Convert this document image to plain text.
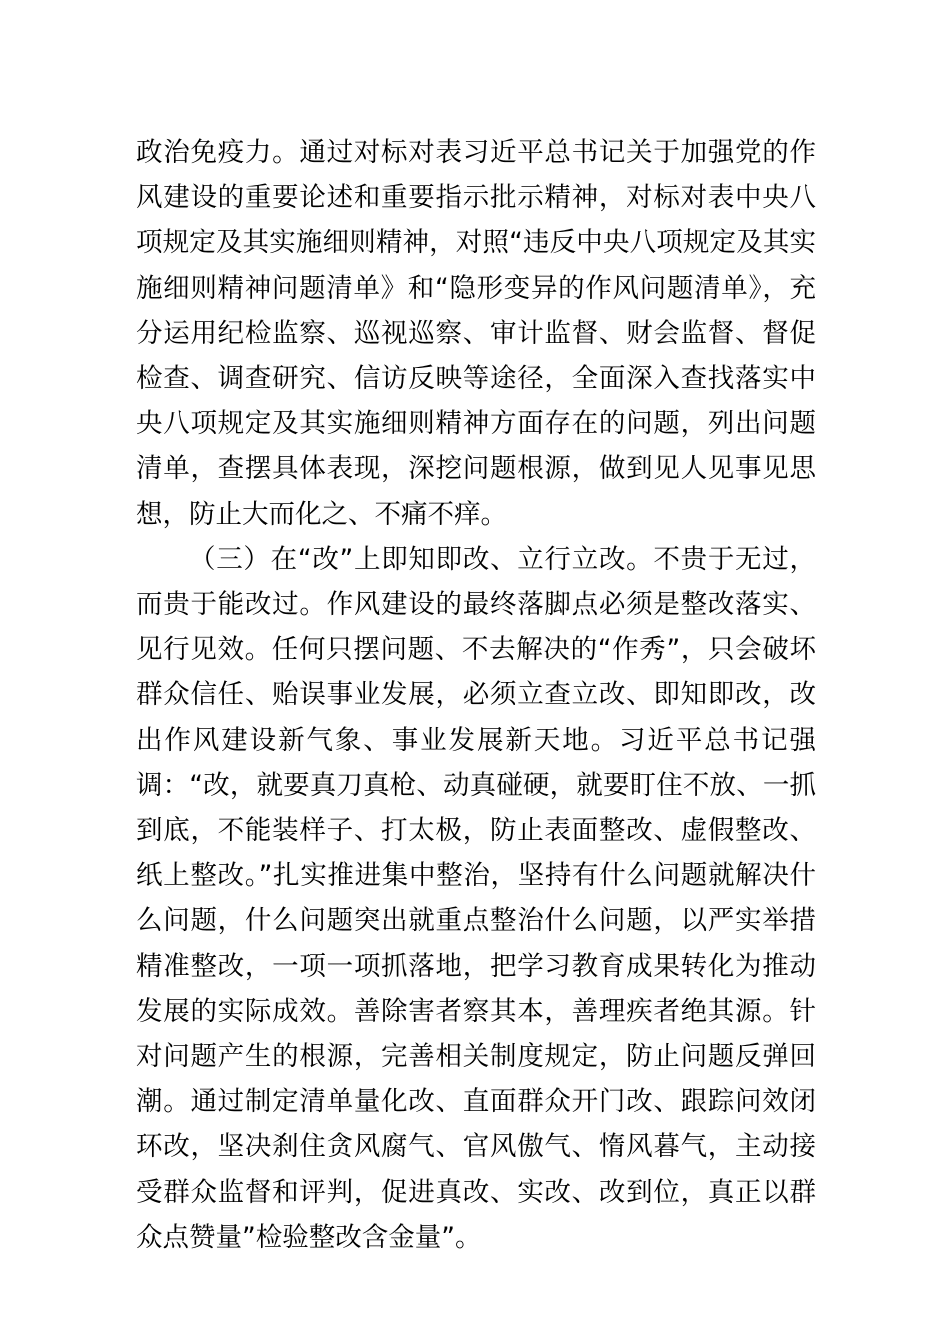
政治免疫力。通过对标对表习近平总书记关于加强党的作风建设的重要论述和重要指示批示精神，对标对表中央八项规定及其实施细则精神，对照“违反中央八项规定及其实施细则精神问题清单》和“隐形变异的作风问题清单》，充分运用纪检监察、巡视巡察、审计监督、财会监督、督促检查、调查研究、信访反映等途径，全面深入查找落实中央八项规定及其实施细则精神方面存在的问题，列出问题清单，查摆具体表现，深挖问题根源，做到见人见事见思想，防止大而化之、不痛不痒。

（三）在“改”上即知即改、立行立改。不贵于无过，而贵于能改过。作风建设的最终落脚点必须是整改落实、见行见效。任何只摆问题、不去解决的“作秀”，只会破坏群众信任、贻误事业发展，必须立查立改、即知即改，改出作风建设新气象、事业发展新天地。习近平总书记强调：“改，就要真刀真枪、动真碰硬，就要盯住不放、一抓到底，不能装样子、打太极，防止表面整改、虚假整改、纸上整改。”扎实推进集中整治，坚持有什么问题就解决什么问题，什么问题突出就重点整治什么问题，以严实举措精准整改，一项一项抓落地，把学习教育成果转化为推动发展的实际成效。善除害者察其本，善理疾者绝其源。针对问题产生的根源，完善相关制度规定，防止问题反弹回潮。通过制定清单量化改、直面群众开门改、跟踪问效闭环改，坚决刹住贪风腐气、官风傲气、惰风暮气，主动接受群众监督和评判，促进真改、实改、改到位，真正以群众点赞量”检验整改含金量”。
